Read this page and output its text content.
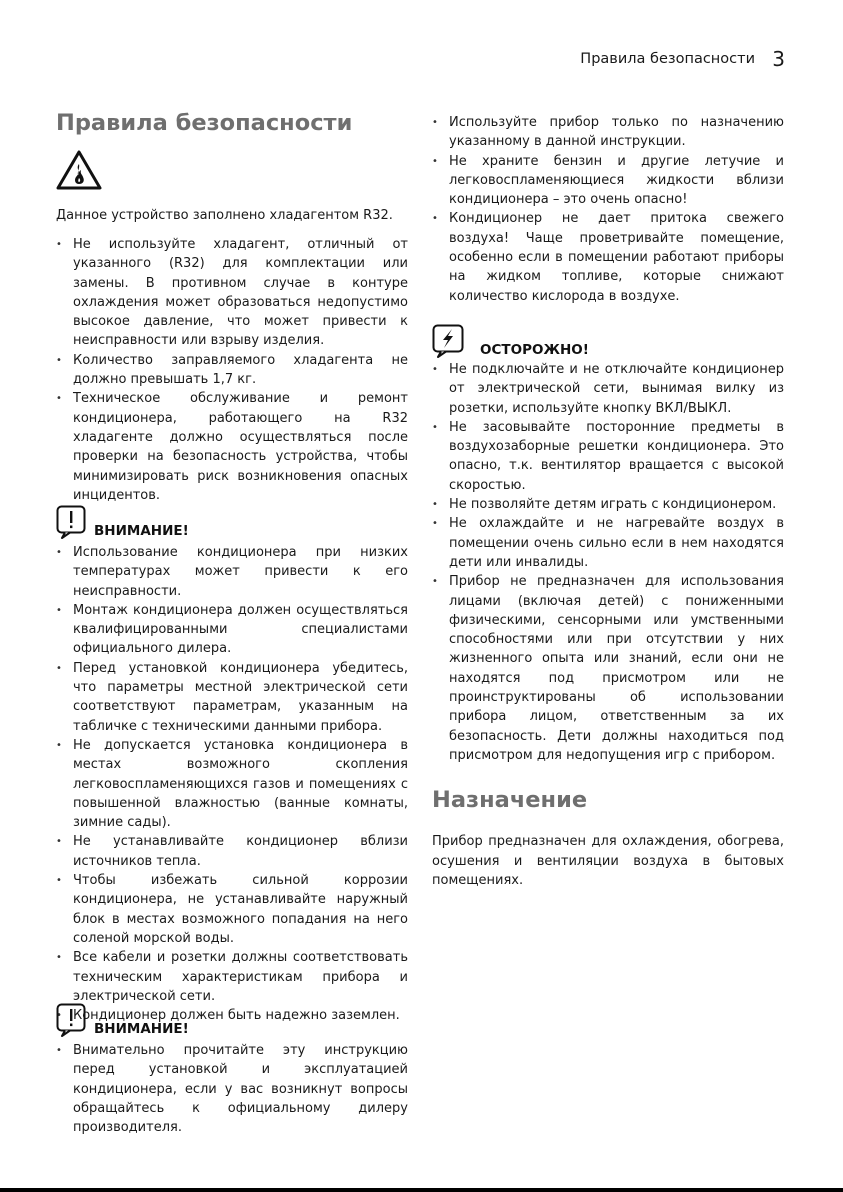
Правила безопасности 3
Правила безопасности

Данное устройство заполнено хладагентом R32.

• Не используйте хладагент, отличный от указанного (R32) для комплектации или замены. В противном случае в контуре охлаждения может образоваться недопустимо высокое давление, что может привести к неисправности или взрыву изделия.
• Количество заправляемого хладагента не должно превышать 1,7 кг.
• Техническое обслуживание и ремонт кондиционера, работающего на R32 хладагенте должно осуществляться после проверки на безопасность устройства, чтобы минимизировать риск возникновения опасных инцидентов.
ВНИМАНИЕ!
• Использование кондиционера при низких температурах может привести к его неисправности.
• Монтаж кондиционера должен осуществляться квалифицированными специалистами официального дилера.
• Перед установкой кондиционера убедитесь, что параметры местной электрической сети соответствуют параметрам, указанным на табличке с техническими данными прибора.
• Не допускается установка кондиционера в местах возможного скопления легковоспламеняющихся газов и помещениях с повышенной влажностью (ванные комнаты, зимние сады).
• Не устанавливайте кондиционер вблизи источников тепла.
• Чтобы избежать сильной коррозии кондиционера, не устанавливайте наружный блок в местах возможного попадания на него соленой морской воды.
• Все кабели и розетки должны соответствовать техническим характеристикам прибора и электрической сети.
• Кондиционер должен быть надежно заземлен.
ВНИМАНИЕ!
• Внимательно прочитайте эту инструкцию перед установкой и эксплуатацией кондиционера, если у вас возникнут вопросы обращайтесь к официальному дилеру производителя.
• Используйте прибор только по назначению указанному в данной инструкции.
• Не храните бензин и другие летучие и легковоспламеняющиеся жидкости вблизи кондиционера – это очень опасно!
• Кондиционер не дает притока свежего воздуха! Чаще проветривайте помещение, особенно если в помещении работают приборы на жидком топливе, которые снижают количество кислорода в воздухе.
ОСТОРОЖНО!
• Не подключайте и не отключайте кондиционер от электрической сети, вынимая вилку из розетки, используйте кнопку ВКЛ/ВЫКЛ.
• Не засовывайте посторонние предметы в воздухозаборные решетки кондиционера. Это опасно, т.к. вентилятор вращается с высокой скоростью.
• Не позволяйте детям играть с кондиционером.
• Не охлаждайте и не нагревайте воздух в помещении очень сильно если в нем находятся дети или инвалиды.
• Прибор не предназначен для использования лицами (включая детей) с пониженными физическими, сенсорными или умственными способностями или при отсутствии у них жизненного опыта или знаний, если они не находятся под присмотром или не проинструктированы об использовании прибора лицом, ответственным за их безопасность. Дети должны находиться под присмотром для недопущения игр с прибором.
Назначение

Прибор предназначен для охлаждения, обогрева, осушения и вентиляции воздуха в бытовых помещениях.
